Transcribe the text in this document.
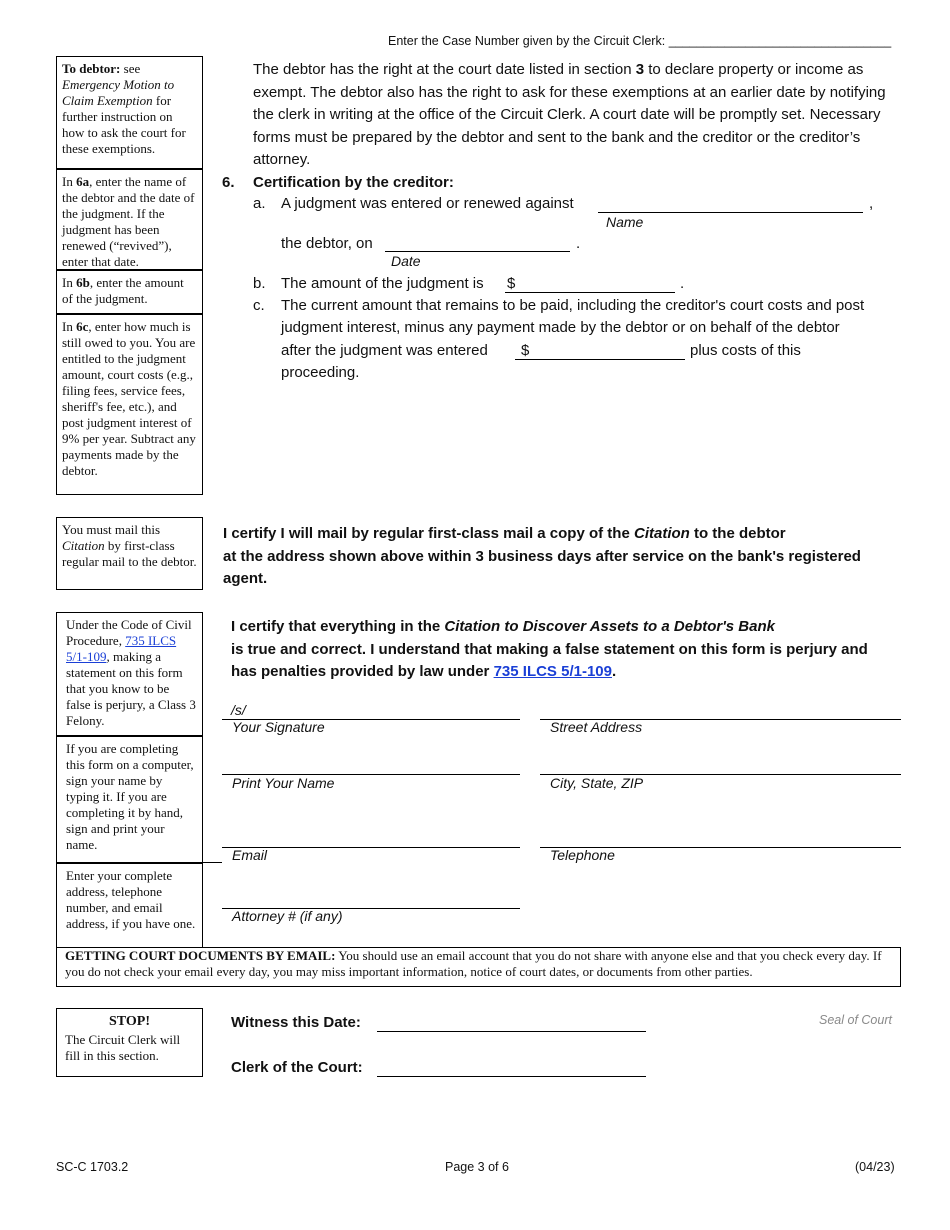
Enter the Case Number given by the Circuit Clerk: ________________________________
To debtor: see Emergency Motion to Claim Exemption for further instruction on how to ask the court for these exemptions.
In 6a, enter the name of the debtor and the date of the judgment. If the judgment has been renewed (“revived”), enter that date.
In 6b, enter the amount of the judgment.
In 6c, enter how much is still owed to you. You are entitled to the judgment amount, court costs (e.g., filing fees, service fees, sheriff's fee, etc.), and post judgment interest of 9% per year. Subtract any payments made by the debtor.
You must mail this Citation by first-class regular mail to the debtor.
Under the Code of Civil Procedure, 735 ILCS 5/1-109, making a statement on this form that you know to be false is perjury, a Class 3 Felony.
If you are completing this form on a computer, sign your name by typing it. If you are completing it by hand, sign and print your name.
Enter your complete address, telephone number, and email address, if you have one.
The debtor has the right at the court date listed in section 3 to declare property or income as exempt. The debtor also has the right to ask for these exemptions at an earlier date by notifying the clerk in writing at the office of the Circuit Clerk. A court date will be promptly set. Necessary forms must be prepared by the debtor and sent to the bank and the creditor or the creditor’s attorney.
6. Certification by the creditor:
a. A judgment was entered or renewed against	,
Name
the debtor, on	.
Date
b. The amount of the judgment is $	.
c. The current amount that remains to be paid, including the creditor's court costs and post
judgment interest, minus any payment made by the debtor or on behalf of the debtor
after the judgment was entered $	plus costs of this
proceeding.
I certify I will mail by regular first-class mail a copy of the Citation to the debtor
at the address shown above within 3 business days after service on the bank's registered
agent.
I certify that everything in the Citation to Discover Assets to a Debtor's Bank
is true and correct. I understand that making a false statement on this form is perjury and
has penalties provided by law under 735 ILCS 5/1-109.
/s/
Your Signature	Street Address
Print Your Name	City, State, ZIP
Email	Telephone
Attorney # (if any)
GETTING COURT DOCUMENTS BY EMAIL: You should use an email account that you do not share with anyone else and that you check every day. If you do not check your email every day, you may miss important information, notice of court dates, or documents from other parties.
STOP!
The Circuit Clerk will fill in this section.
Witness this Date:
Clerk of the Court:
Seal of Court
SC-C 1703.2	Page 3 of 6	(04/23)
